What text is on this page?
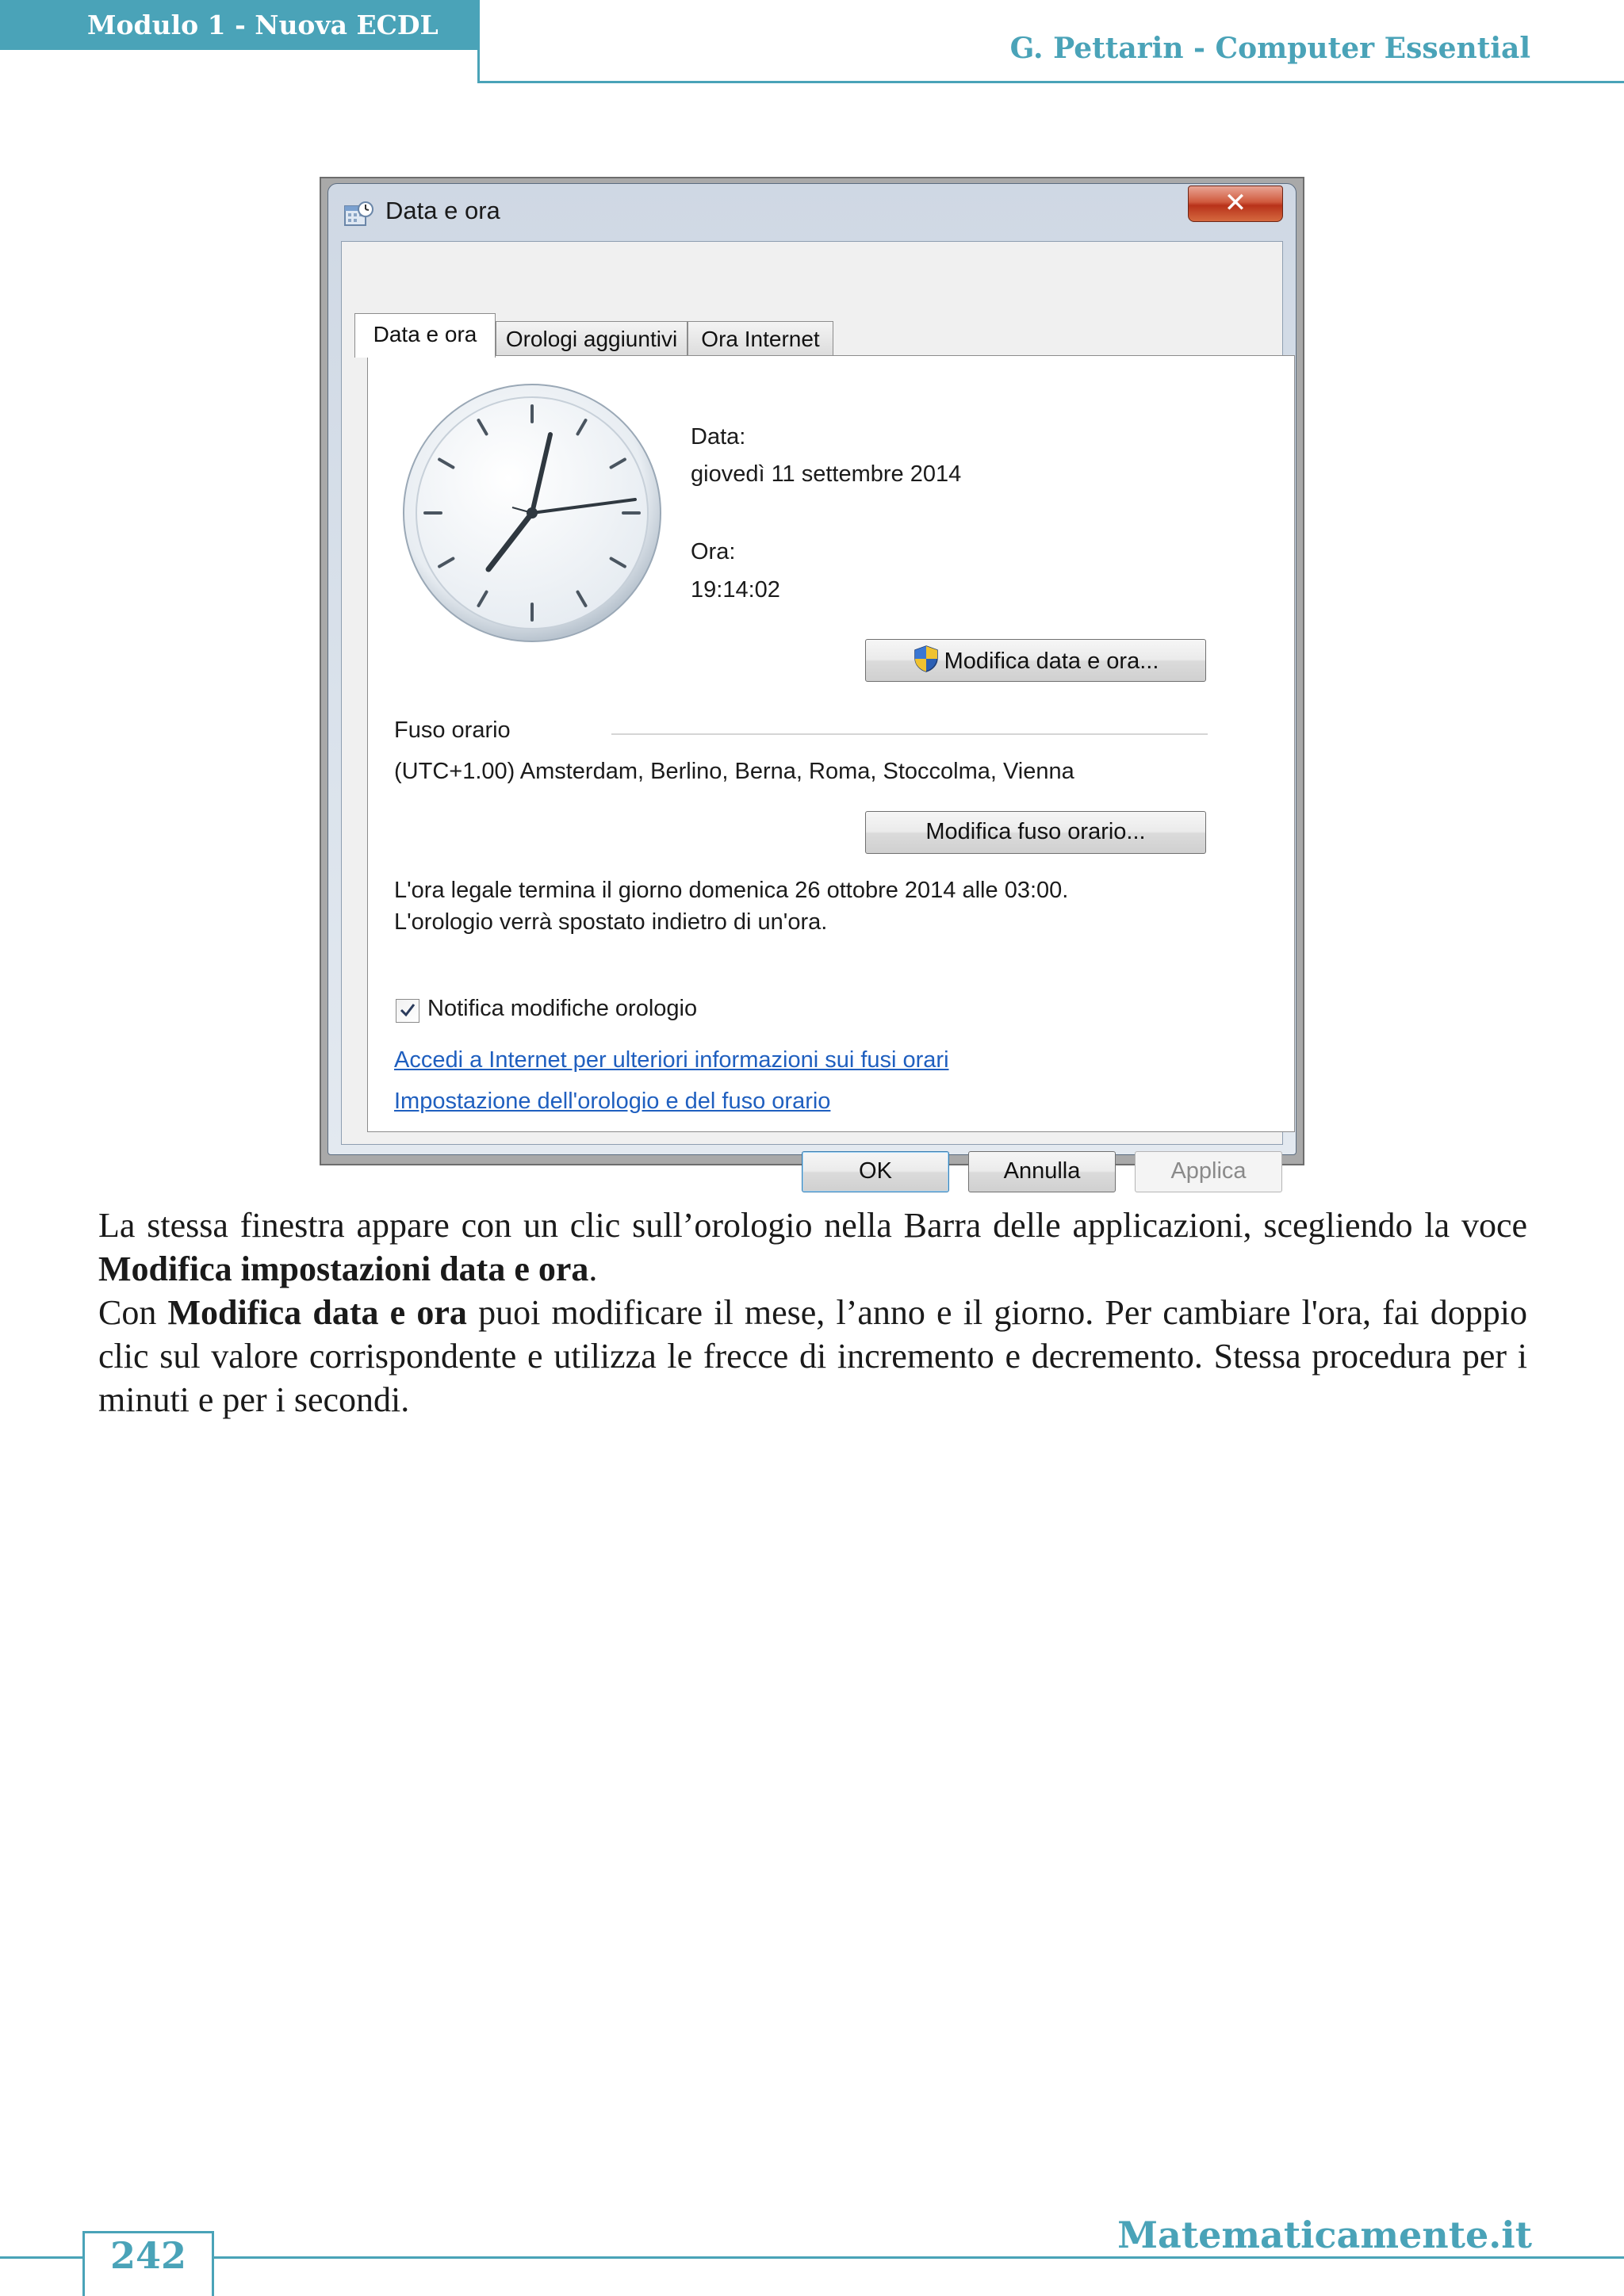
Modulo 1 - Nuova ECDL
G. Pettarin - Computer Essential
Data e ora	✕
Data e ora	Orologi aggiuntivi	Ora Internet
Data:
giovedì 11 settembre 2014
Ora:
19:14:02
Modifica data e ora...
Fuso orario
(UTC+1.00) Amsterdam, Berlino, Berna, Roma, Stoccolma, Vienna
Modifica fuso orario...
L'ora legale termina il giorno domenica 26 ottobre 2014 alle 03:00.
L'orologio verrà spostato indietro di un'ora.
Notifica modifiche orologio
Accedi a Internet per ulteriori informazioni sui fusi orari
Impostazione dell'orologio e del fuso orario
OK	Annulla	Applica
La stessa finestra appare con un clic sull’orologio nella Barra delle applicazioni, scegliendo la voce Modifica impostazioni data e ora.
Con Modifica data e ora puoi modificare il mese, l’anno e il giorno. Per cambiare l'ora, fai doppio clic sul valore corrispondente e utilizza le frecce di incremento e decremento. Stessa procedura per i minuti e per i secondi.
242	Matematicamente.it
